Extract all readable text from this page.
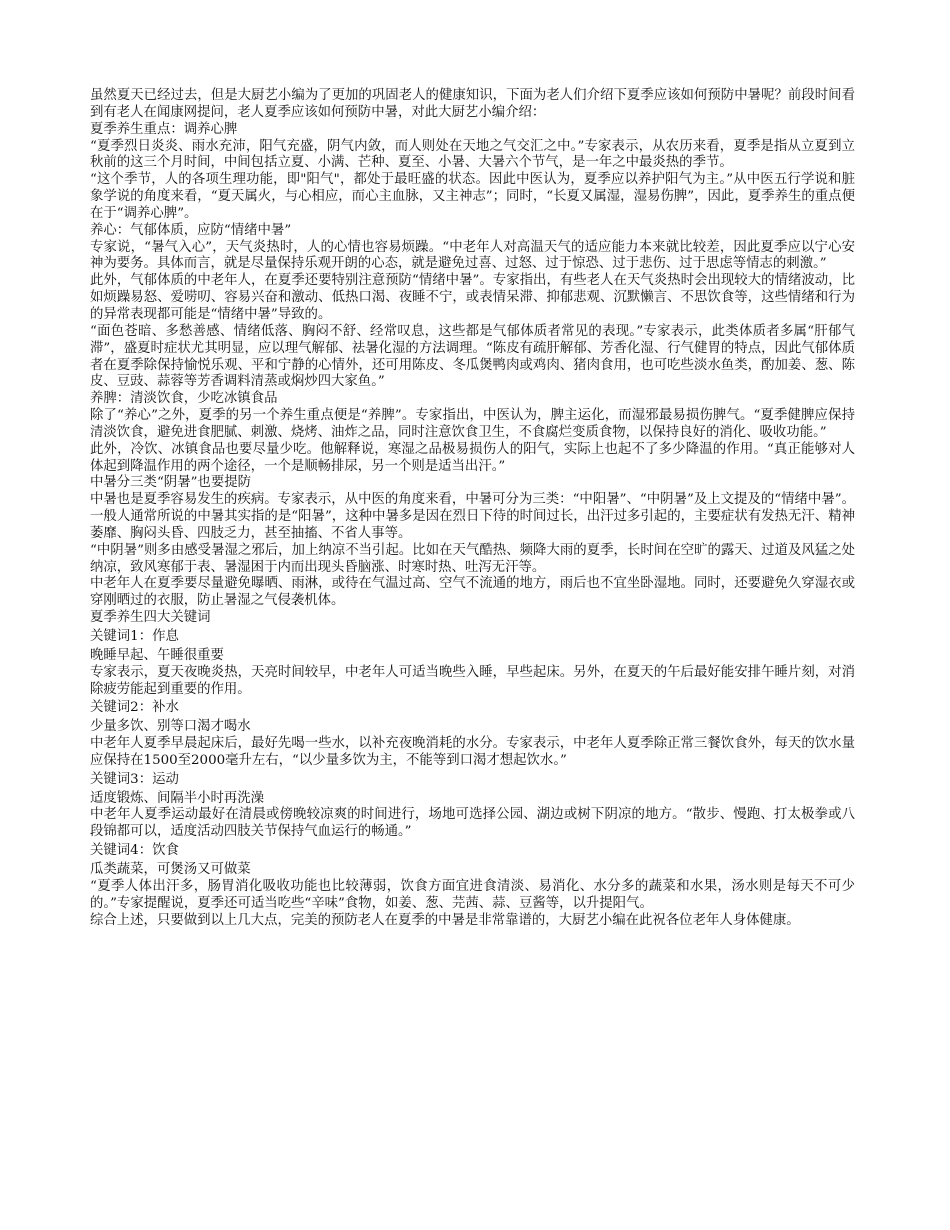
虽然夏天已经过去，但是大厨艺小编为了更加的巩固老人的健康知识，下面为老人们介绍下夏季应该如何预防中暑呢？前段时间看到有老人在闻康网提问，老人夏季应该如何预防中暑，对此大厨艺小编介绍：

夏季养生重点：调养心脾

“夏季烈日炎炎、雨水充沛，阳气充盛，阴气内敛，而人则处在天地之气交汇之中。”专家表示，从农历来看，夏季是指从立夏到立秋前的这三个月时间，中间包括立夏、小满、芒种、夏至、小暑、大暑六个节气，是一年之中最炎热的季节。

“这个季节，人的各项生理功能，即"阳气"，都处于最旺盛的状态。因此中医认为，夏季应以养护阳气为主。”从中医五行学说和脏象学说的角度来看，“夏天属火，与心相应，而心主血脉，又主神志”；同时，“长夏又属湿，湿易伤脾”，因此，夏季养生的重点便在于“调养心脾”。

养心：气郁体质，应防“情绪中暑”

专家说，“暑气入心”，天气炎热时，人的心情也容易烦躁。“中老年人对高温天气的适应能力本来就比较差，因此夏季应以宁心安神为要务。具体而言，就是尽量保持乐观开朗的心态，就是避免过喜、过怒、过于惊恐、过于悲伤、过于思虑等情志的刺激。”

此外，气郁体质的中老年人，在夏季还要特别注意预防“情绪中暑”。专家指出，有些老人在天气炎热时会出现较大的情绪波动，比如烦躁易怒、爱唠叨、容易兴奋和激动、低热口渴、夜睡不宁，或表情呆滞、抑郁悲观、沉默懒言、不思饮食等，这些情绪和行为的异常表现都可能是“情绪中暑”导致的。

“面色苍暗、多愁善感、情绪低落、胸闷不舒、经常叹息，这些都是气郁体质者常见的表现。”专家表示，此类体质者多属“肝郁气滞”，盛夏时症状尤其明显，应以理气解郁、祛暑化湿的方法调理。“陈皮有疏肝解郁、芳香化湿、行气健胃的特点，因此气郁体质者在夏季除保持愉悦乐观、平和宁静的心情外，还可用陈皮、冬瓜煲鸭肉或鸡肉、猪肉食用，也可吃些淡水鱼类，酌加姜、葱、陈皮、豆豉、蒜蓉等芳香调料清蒸或焖炒四大家鱼。”

养脾：清淡饮食，少吃冰镇食品

除了“养心”之外，夏季的另一个养生重点便是“养脾”。专家指出，中医认为，脾主运化，而湿邪最易损伤脾气。“夏季健脾应保持清淡饮食，避免进食肥腻、刺激、烧烤、油炸之品，同时注意饮食卫生，不食腐烂变质食物，以保持良好的消化、吸收功能。”

此外，冷饮、冰镇食品也要尽量少吃。他解释说，寒湿之品极易损伤人的阳气，实际上也起不了多少降温的作用。“真正能够对人体起到降温作用的两个途径，一个是顺畅排尿，另一个则是适当出汗。”

中暑分三类“阴暑”也要提防

中暑也是夏季容易发生的疾病。专家表示，从中医的角度来看，中暑可分为三类：“中阳暑”、“中阴暑”及上文提及的“情绪中暑”。一般人通常所说的中暑其实指的是“阳暑”，这种中暑多是因在烈日下待的时间过长，出汗过多引起的，主要症状有发热无汗、精神萎靡、胸闷头昏、四肢乏力，甚至抽搐、不省人事等。

“中阴暑”则多由感受暑湿之邪后，加上纳凉不当引起。比如在天气酷热、频降大雨的夏季，长时间在空旷的露天、过道及风猛之处纳凉，致风寒郁于表、暑湿困于内而出现头昏脑涨、时寒时热、吐泻无汗等。

中老年人在夏季要尽量避免曝晒、雨淋，或待在气温过高、空气不流通的地方，雨后也不宜坐卧湿地。同时，还要避免久穿湿衣或穿刚晒过的衣服，防止暑湿之气侵袭机体。

夏季养生四大关键词

关键词1：作息

晚睡早起、午睡很重要

专家表示，夏天夜晚炎热，天亮时间较早，中老年人可适当晚些入睡，早些起床。另外，在夏天的午后最好能安排午睡片刻，对消除疲劳能起到重要的作用。

关键词2：补水

少量多饮、别等口渴才喝水

中老年人夏季早晨起床后，最好先喝一些水，以补充夜晚消耗的水分。专家表示，中老年人夏季除正常三餐饮食外，每天的饮水量应保持在1500至2000毫升左右，“以少量多饮为主，不能等到口渴才想起饮水。”

关键词3：运动

适度锻炼、间隔半小时再洗澡

中老年人夏季运动最好在清晨或傍晚较凉爽的时间进行，场地可选择公园、湖边或树下阴凉的地方。“散步、慢跑、打太极拳或八段锦都可以，适度活动四肢关节保持气血运行的畅通。”

关键词4：饮食

瓜类蔬菜，可煲汤又可做菜

“夏季人体出汗多，肠胃消化吸收功能也比较薄弱，饮食方面宜进食清淡、易消化、水分多的蔬菜和水果，汤水则是每天不可少的。”专家提醒说，夏季还可适当吃些“辛味”食物，如姜、葱、芫茜、蒜、豆酱等，以升提阳气。

综合上述，只要做到以上几大点，完美的预防老人在夏季的中暑是非常靠谱的，大厨艺小编在此祝各位老年人身体健康。
